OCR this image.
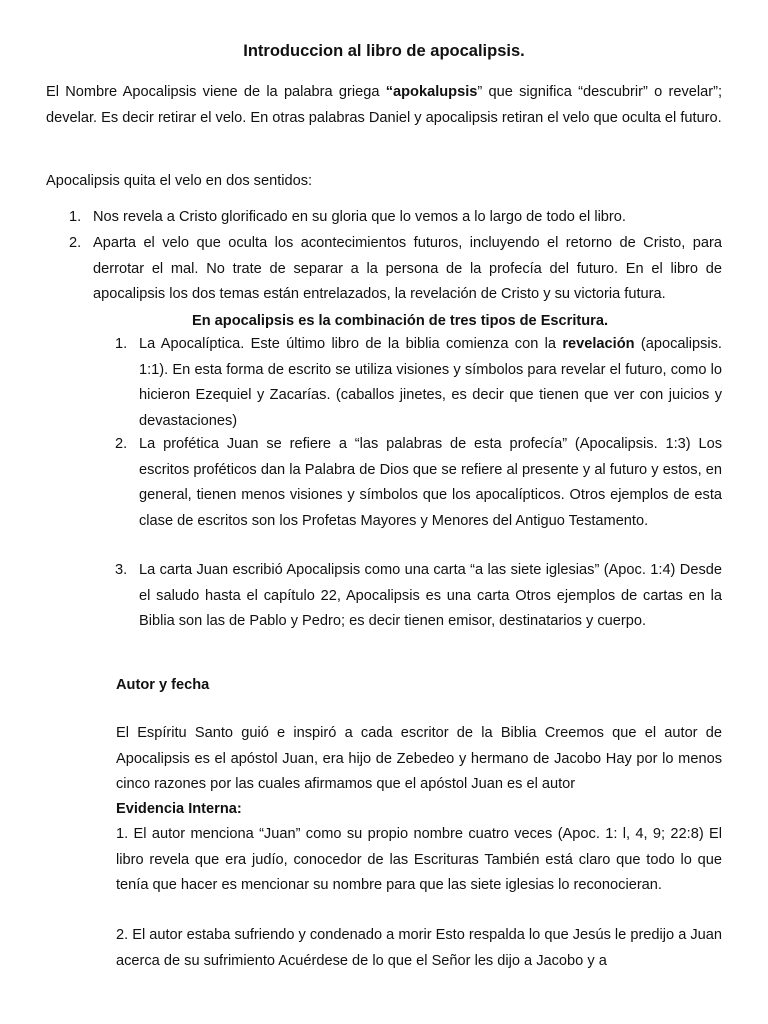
Introduccion al libro de apocalipsis.

El Nombre Apocalipsis viene de la palabra griega “apokalupsis” que significa “descubrir” o revelar”; develar. Es decir retirar el velo. En otras palabras Daniel y apocalipsis retiran el velo que oculta el futuro.

Apocalipsis quita el velo en dos sentidos:

1. Nos revela a Cristo glorificado en su gloria que lo vemos a lo largo de todo el libro.
2. Aparta el velo que oculta los acontecimientos futuros, incluyendo el retorno de Cristo, para derrotar el mal. No trate de separar a la persona de la profecía del futuro. En el libro de apocalipsis los dos temas están entrelazados, la revelación de Cristo y su victoria futura.

En apocalipsis es la combinación de tres tipos de Escritura.

1. La Apocalíptica. Este último libro de la biblia comienza con la revelación (apocalipsis. 1:1). En esta forma de escrito se utiliza visiones y símbolos para revelar el futuro, como lo hicieron Ezequiel y Zacarías. (caballos jinetes, es decir que tienen que ver con juicios y devastaciones)
2. La profética Juan se refiere a “las palabras de esta profecía” (Apocalipsis. 1:3) Los escritos proféticos dan la Palabra de Dios que se refiere al presente y al futuro y estos, en general, tienen menos visiones y símbolos que los apocalípticos. Otros ejemplos de esta clase de escritos son los Profetas Mayores y Menores del Antiguo Testamento.
3. La carta Juan escribió Apocalipsis como una carta “a las siete iglesias” (Apoc. 1:4) Desde el saludo hasta el capítulo 22, Apocalipsis es una carta Otros ejemplos de cartas en la Biblia son las de Pablo y Pedro; es decir tienen emisor, destinatarios y cuerpo.

Autor y fecha

El Espíritu Santo guió e inspiró a cada escritor de la Biblia Creemos que el autor de Apocalipsis es el apóstol Juan, era hijo de Zebedeo y hermano de Jacobo Hay por lo menos cinco razones por las cuales afirmamos que el apóstol Juan es el autor

Evidencia Interna:

1. El autor menciona “Juan” como su propio nombre cuatro veces (Apoc. 1: l, 4, 9; 22:8) El libro revela que era judío, conocedor de las Escrituras También está claro que todo lo que tenía que hacer es mencionar su nombre para que las siete iglesias lo reconocieran.

2. El autor estaba sufriendo y condenado a morir Esto respalda lo que Jesús le predijo a Juan acerca de su sufrimiento Acuérdese de lo que el Señor les dijo a Jacobo y a
